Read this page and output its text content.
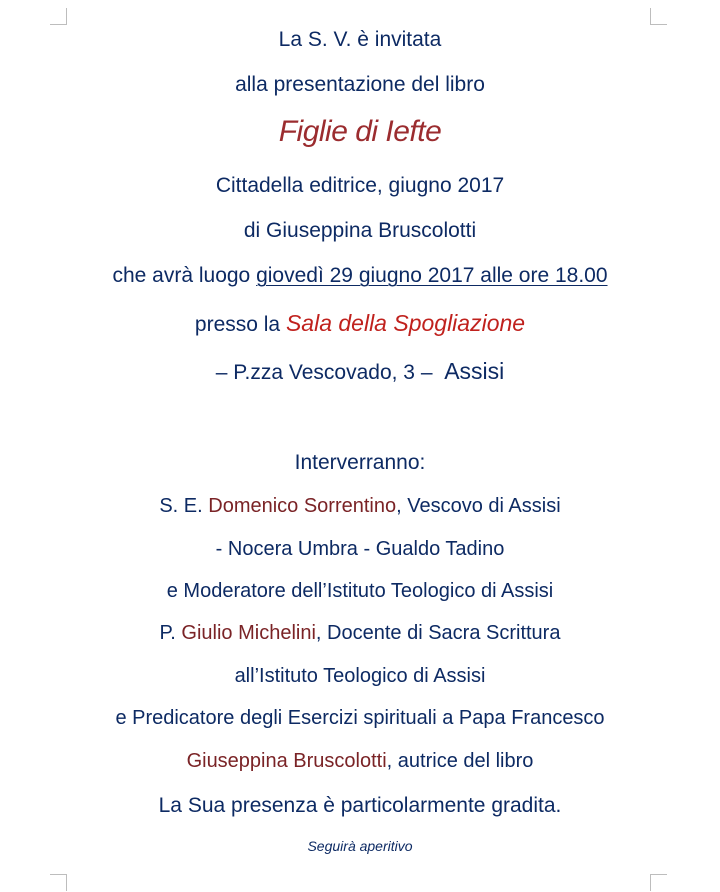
La S. V. è invitata
alla presentazione del libro
Figlie di Iefte
Cittadella editrice, giugno 2017
di Giuseppina Bruscolotti
che avrà luogo giovedì 29 giugno 2017 alle ore 18.00
presso la Sala della Spogliazione
– P.zza Vescovado, 3 – Assisi
Interverranno:
S. E. Domenico Sorrentino, Vescovo di Assisi
- Nocera Umbra - Gualdo Tadino
e Moderatore dell’Istituto Teologico di Assisi
P. Giulio Michelini, Docente di Sacra Scrittura
all’Istituto Teologico di Assisi
e Predicatore degli Esercizi spirituali a Papa Francesco
Giuseppina Bruscolotti, autrice del libro
La Sua presenza è particolarmente gradita.
Seguirà aperitivo
